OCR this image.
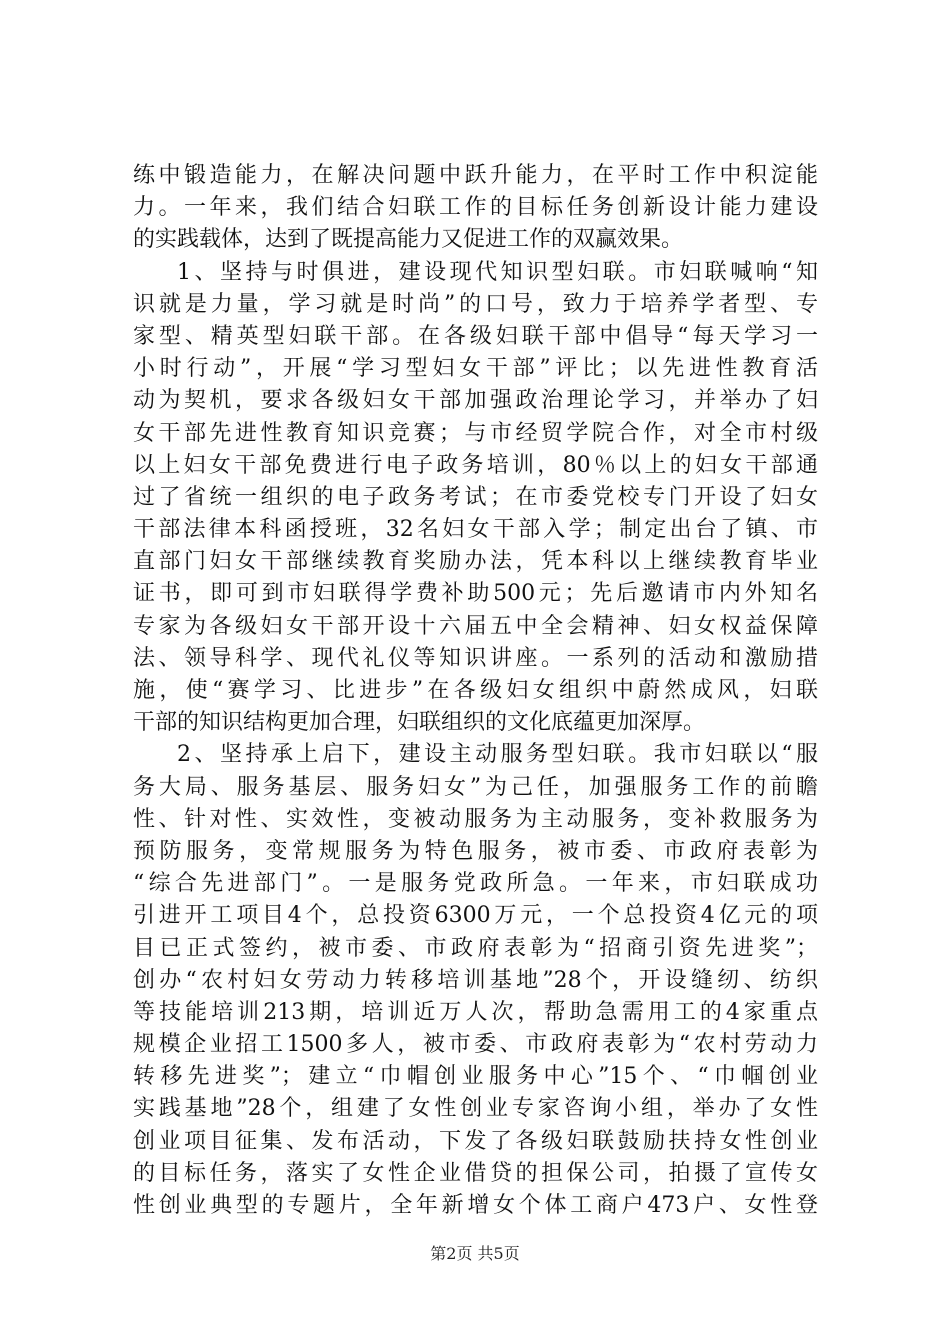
练中锻造能力，在解决问题中跃升能力，在平时工作中积淀能
力。一年来，我们结合妇联工作的目标任务创新设计能力建设
的实践载体，达到了既提高能力又促进工作的双赢效果。
1、坚持与时俱进，建设现代知识型妇联。市妇联喊响“知
识就是力量，学习就是时尚”的口号，致力于培养学者型、专
家型、精英型妇联干部。在各级妇联干部中倡导“每天学习一
小时行动”，开展“学习型妇女干部”评比；以先进性教育活
动为契机，要求各级妇女干部加强政治理论学习，并举办了妇
女干部先进性教育知识竞赛；与市经贸学院合作，对全市村级
以上妇女干部免费进行电子政务培训，80％以上的妇女干部通
过了省统一组织的电子政务考试；在市委党校专门开设了妇女
干部法律本科函授班，32名妇女干部入学；制定出台了镇、市
直部门妇女干部继续教育奖励办法，凭本科以上继续教育毕业
证书，即可到市妇联得学费补助500元；先后邀请市内外知名
专家为各级妇女干部开设十六届五中全会精神、妇女权益保障
法、领导科学、现代礼仪等知识讲座。一系列的活动和激励措
施，使“赛学习、比进步”在各级妇女组织中蔚然成风，妇联
干部的知识结构更加合理，妇联组织的文化底蕴更加深厚。
2、坚持承上启下，建设主动服务型妇联。我市妇联以“服
务大局、服务基层、服务妇女”为己任，加强服务工作的前瞻
性、针对性、实效性，变被动服务为主动服务，变补救服务为
预防服务，变常规服务为特色服务，被市委、市政府表彰为
“综合先进部门”。一是服务党政所急。一年来，市妇联成功
引进开工项目4个，总投资6300万元，一个总投资4亿元的项
目已正式签约，被市委、市政府表彰为“招商引资先进奖”；
创办“农村妇女劳动力转移培训基地”28个，开设缝纫、纺织
等技能培训213期，培训近万人次，帮助急需用工的4家重点
规模企业招工1500多人，被市委、市政府表彰为“农村劳动力
转移先进奖”；建立“巾帽创业服务中心”15个、“巾帼创业
实践基地”28个，组建了女性创业专家咨询小组，举办了女性
创业项目征集、发布活动，下发了各级妇联鼓励扶持女性创业
的目标任务，落实了女性企业借贷的担保公司，拍摄了宣传女
性创业典型的专题片，全年新增女个体工商户473户、女性登
第2页 共5页
